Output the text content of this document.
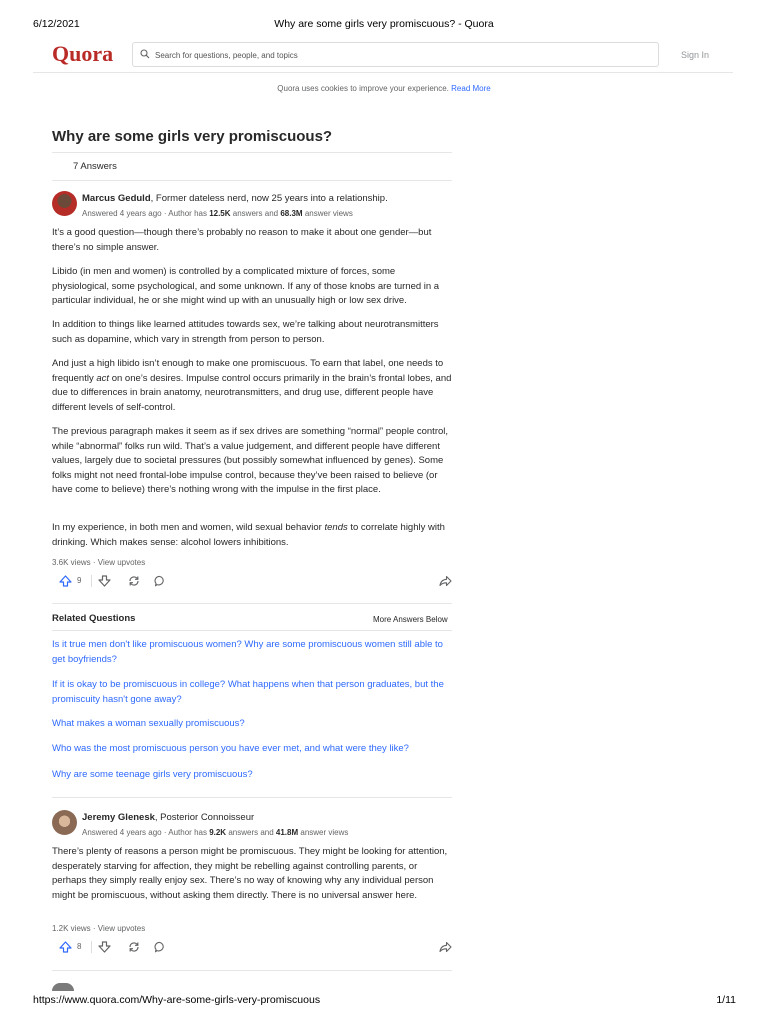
6/12/2021	Why are some girls very promiscuous? - Quora
Quora
Search for questions, people, and topics	Sign In
Quora uses cookies to improve your experience. Read More
Why are some girls very promiscuous?
7 Answers
Marcus Geduld, Former dateless nerd, now 25 years into a relationship.
Answered 4 years ago · Author has 12.5K answers and 68.3M answer views

It’s a good question—though there’s probably no reason to make it about one gender—but there’s no simple answer.

Libido (in men and women) is controlled by a complicated mixture of forces, some physiological, some psychological, and some unknown. If any of those knobs are turned in a particular individual, he or she might wind up with an unusually high or low sex drive.

In addition to things like learned attitudes towards sex, we’re talking about neurotransmitters such as dopamine, which vary in strength from person to person.

And just a high libido isn’t enough to make one promiscuous. To earn that label, one needs to frequently act on one’s desires. Impulse control occurs primarily in the brain’s frontal lobes, and due to differences in brain anatomy, neurotransmitters, and drug use, different people have different levels of self-control.

The previous paragraph makes it seem as if sex drives are something “normal” people control, while “abnormal” folks run wild. That’s a value judgement, and different people have different values, largely due to societal pressures (but possibly somewhat influenced by genes). Some folks might not need frontal-lobe impulse control, because they’ve been raised to believe (or have come to believe) there’s nothing wrong with the impulse in the first place.

In my experience, in both men and women, wild sexual behavior tends to correlate highly with drinking. Which makes sense: alcohol lowers inhibitions.

3.6K views · View upvotes
9
Related Questions	More Answers Below
Is it true men don't like promiscuous women? Why are some promiscuous women still able to get boyfriends?
If it is okay to be promiscuous in college? What happens when that person graduates, but the promiscuity hasn't gone away?
What makes a woman sexually promiscuous?
Who was the most promiscuous person you have ever met, and what were they like?
Why are some teenage girls very promiscuous?
Jeremy Glenesk, Posterior Connoisseur
Answered 4 years ago · Author has 9.2K answers and 41.8M answer views

There’s plenty of reasons a person might be promiscuous. They might be looking for attention, desperately starving for affection, they might be rebelling against controlling parents, or perhaps they simply really enjoy sex. There’s no way of knowing why any individual person might be promiscuous, without asking them directly. There is no universal answer here.

1.2K views · View upvotes
8
https://www.quora.com/Why-are-some-girls-very-promiscuous	1/11
